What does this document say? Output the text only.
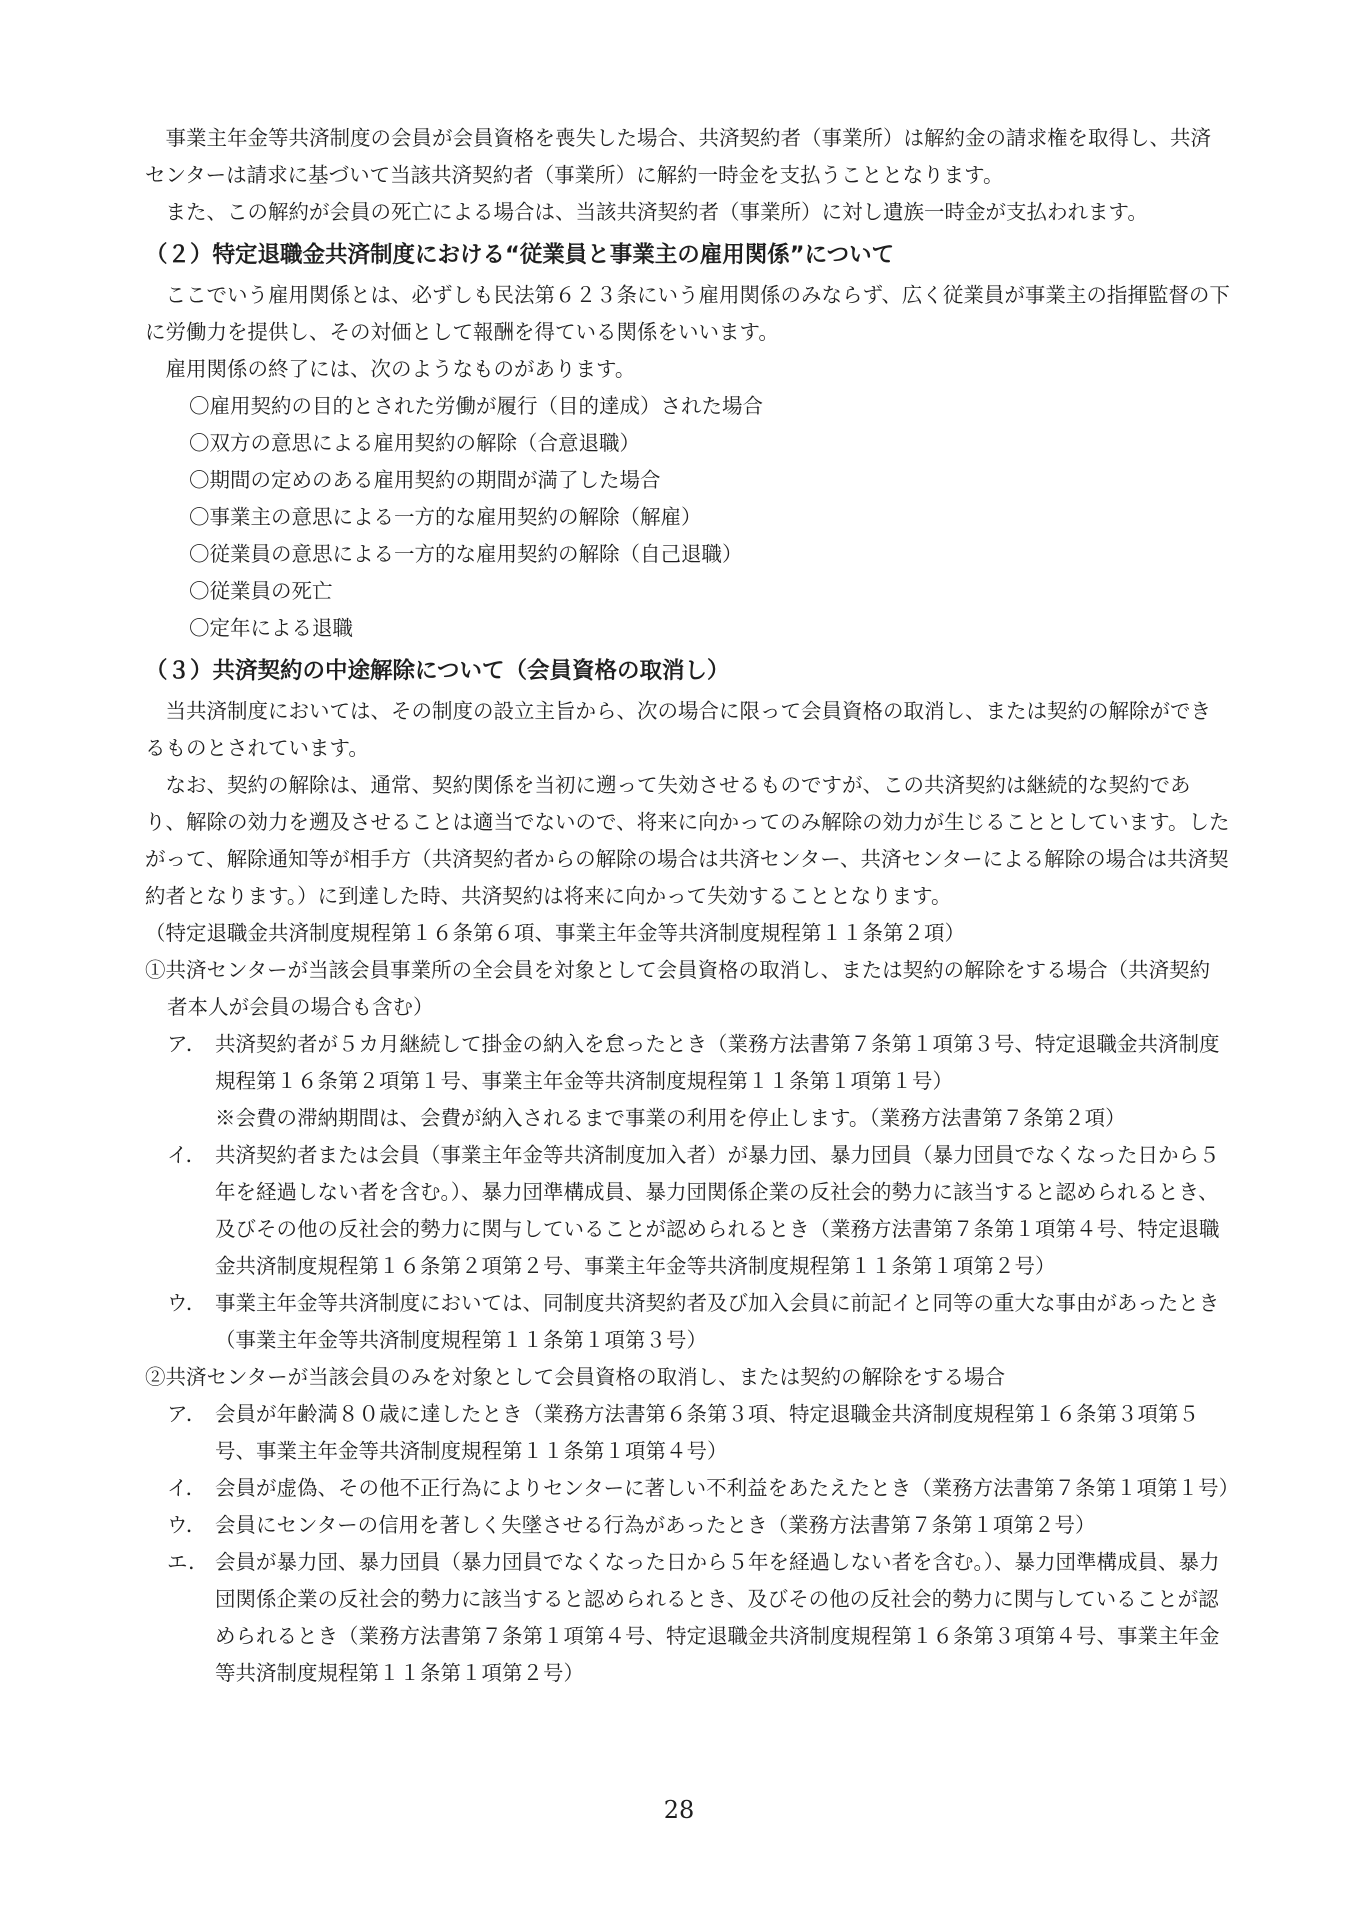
事業主年金等共済制度の会員が会員資格を喪失した場合、共済契約者（事業所）は解約金の請求権を取得し、共済センターは請求に基づいて当該共済契約者（事業所）に解約一時金を支払うこととなります。

また、この解約が会員の死亡による場合は、当該共済契約者（事業所）に対し遺族一時金が支払われます。

（２）特定退職金共済制度における“従業員と事業主の雇用関係”について

ここでいう雇用関係とは、必ずしも民法第６２３条にいう雇用関係のみならず、広く従業員が事業主の指揮監督の下に労働力を提供し、その対価として報酬を得ている関係をいいます。

雇用関係の終了には、次のようなものがあります。

〇雇用契約の目的とされた労働が履行（目的達成）された場合
〇双方の意思による雇用契約の解除（合意退職）
〇期間の定めのある雇用契約の期間が満了した場合
〇事業主の意思による一方的な雇用契約の解除（解雇）
〇従業員の意思による一方的な雇用契約の解除（自己退職）
〇従業員の死亡
〇定年による退職
（３）共済契約の中途解除について（会員資格の取消し）

当共済制度においては、その制度の設立主旨から、次の場合に限って会員資格の取消し、または契約の解除ができるものとされています。

なお、契約の解除は、通常、契約関係を当初に遡って失効させるものですが、この共済契約は継続的な契約であり、解除の効力を遡及させることは適当でないので、将来に向かってのみ解除の効力が生じることとしています。したがって、解除通知等が相手方（共済契約者からの解除の場合は共済センター、共済センターによる解除の場合は共済契約者となります。）に到達した時、共済契約は将来に向かって失効することとなります。

（特定退職金共済制度規程第１６条第６項、事業主年金等共済制度規程第１１条第２項）

①共済センターが当該会員事業所の全会員を対象として会員資格の取消し、または契約の解除をする場合（共済契約者本人が会員の場合も含む）
ア． 共済契約者が５カ月継続して掛金の納入を怠ったとき（業務方法書第７条第１項第３号、特定退職金共済制度規程第１６条第２項第１号、事業主年金等共済制度規程第１１条第１項第１号）
※会費の滞納期間は、会費が納入されるまで事業の利用を停止します。（業務方法書第７条第２項）
イ． 共済契約者または会員（事業主年金等共済制度加入者）が暴力団、暴力団員（暴力団員でなくなった日から５年を経過しない者を含む。）、暴力団準構成員、暴力団関係企業の反社会的勢力に該当すると認められるとき、及びその他の反社会的勢力に関与していることが認められるとき（業務方法書第７条第１項第４号、特定退職金共済制度規程第１６条第２項第２号、事業主年金等共済制度規程第１１条第１項第２号）
ウ． 事業主年金等共済制度においては、同制度共済契約者及び加入会員に前記イと同等の重大な事由があったとき（事業主年金等共済制度規程第１１条第１項第３号）
②共済センターが当該会員のみを対象として会員資格の取消し、または契約の解除をする場合
ア． 会員が年齢満８０歳に達したとき（業務方法書第６条第３項、特定退職金共済制度規程第１６条第３項第５号、事業主年金等共済制度規程第１１条第１項第４号）
イ． 会員が虚偽、その他不正行為によりセンターに著しい不利益をあたえたとき（業務方法書第７条第１項第１号）
ウ． 会員にセンターの信用を著しく失墜させる行為があったとき（業務方法書第７条第１項第２号）
エ． 会員が暴力団、暴力団員（暴力団員でなくなった日から５年を経過しない者を含む。）、暴力団準構成員、暴力団関係企業の反社会的勢力に該当すると認められるとき、及びその他の反社会的勢力に関与していることが認められるとき（業務方法書第７条第１項第４号、特定退職金共済制度規程第１６条第３項第４号、事業主年金等共済制度規程第１１条第１項第２号）
28
